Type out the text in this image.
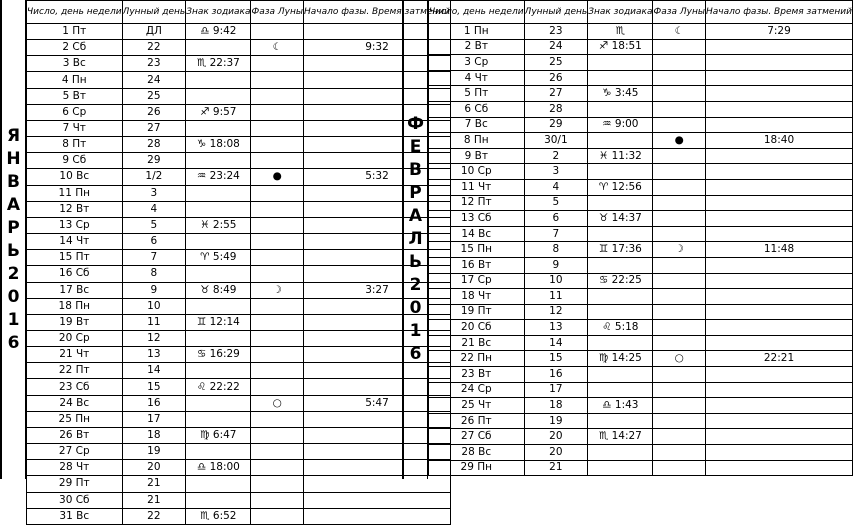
ЯНВАРЬ 2016
Число, день недели	Лунный день	Знак зодиака	Фаза Луны	Начало фазы. Время затмений
1 Пт	ДЛ	♎ 9:42		
2 Сб	22		☾	9:32
3 Вс	23	♏ 22:37		
4 Пн	24			
5 Вт	25			
6 Ср	26	♐ 9:57		
7 Чт	27			
8 Пт	28	♑ 18:08		
9 Сб	29			
10 Вс	1/2	♒ 23:24	●	5:32
11 Пн	3			
12 Вт	4			
13 Ср	5	♓ 2:55		
14 Чт	6			
15 Пт	7	♈ 5:49		
16 Сб	8			
17 Вс	9	♉ 8:49	☽	3:27
18 Пн	10			
19 Вт	11	♊ 12:14		
20 Ср	12			
21 Чт	13	♋ 16:29		
22 Пт	14			
23 Сб	15	♌ 22:22		
24 Вс	16		○	5:47
25 Пн	17			
26 Вт	18	♍ 6:47		
27 Ср	19			
28 Чт	20	♎ 18:00		
29 Пт	21			
30 Сб	21			
31 Вс	22	♏ 6:52		
ФЕВРАЛЬ 2016
Число, день недели	Лунный день	Знак зодиака	Фаза Луны	Начало фазы. Время затмений
1 Пн	23	♏	☾	7:29
2 Вт	24	♐ 18:51		
3 Ср	25			
4 Чт	26			
5 Пт	27	♑ 3:45		
6 Сб	28			
7 Вс	29	♒ 9:00		
8 Пн	30/1		●	18:40
9 Вт	2	♓ 11:32		
10 Ср	3			
11 Чт	4	♈ 12:56		
12 Пт	5			
13 Сб	6	♉ 14:37		
14 Вс	7			
15 Пн	8	♊ 17:36	☽	11:48
16 Вт	9			
17 Ср	10	♋ 22:25		
18 Чт	11			
19 Пт	12			
20 Сб	13	♌ 5:18		
21 Вс	14			
22 Пн	15	♍ 14:25	○	22:21
23 Вт	16			
24 Ср	17			
25 Чт	18	♎ 1:43		
26 Пт	19			
27 Сб	20	♏ 14:27		
28 Вс	20			
29 Пн	21			
